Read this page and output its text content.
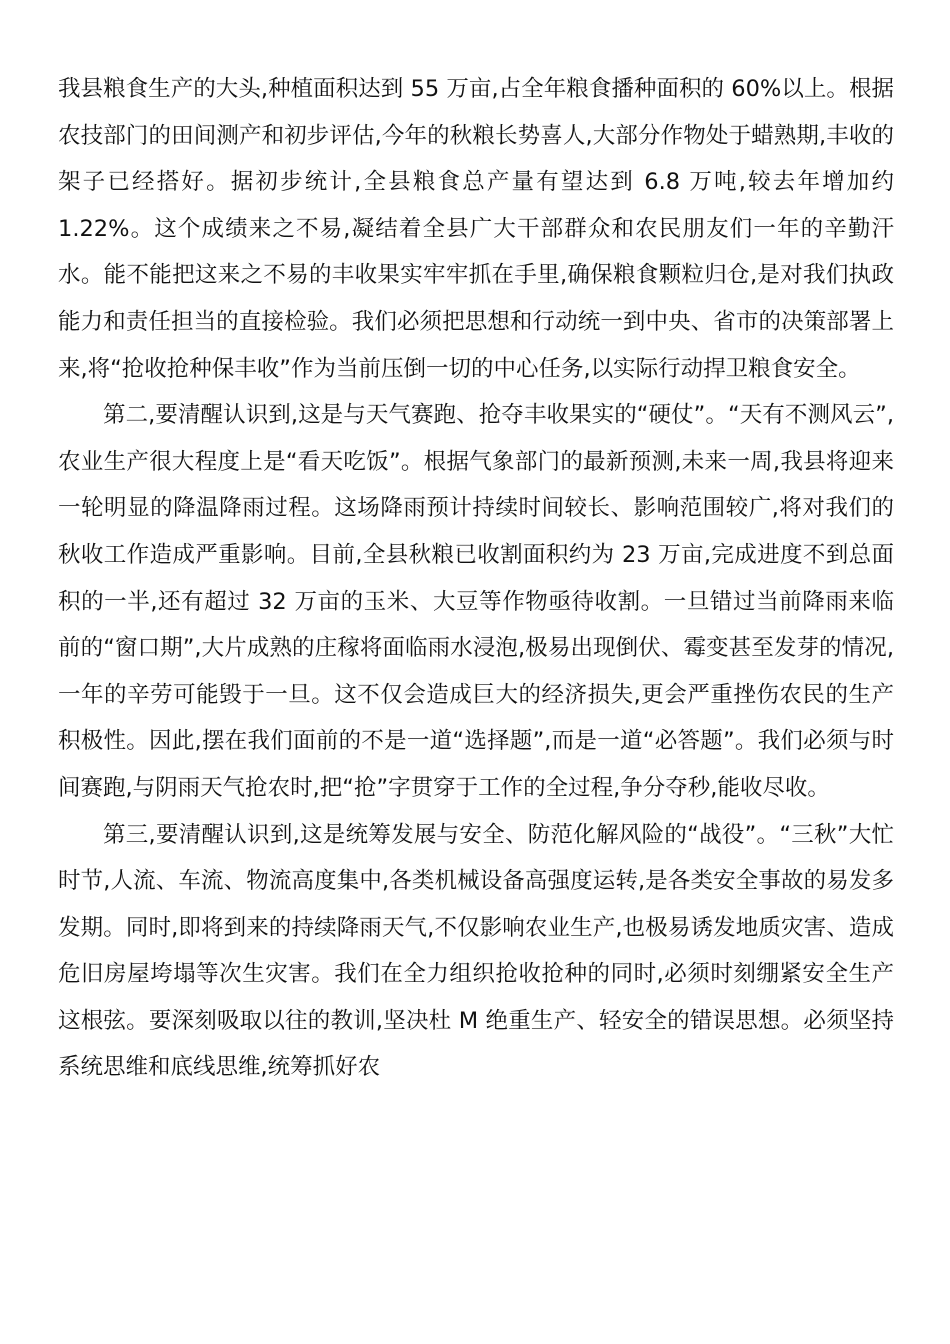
我县粮食生产的大头,种植面积达到 55 万亩,占全年粮食播种面积的 60%以上。根据农技部门的田间测产和初步评估,今年的秋粮长势喜人,大部分作物处于蜡熟期,丰收的架子已经搭好。据初步统计,全县粮食总产量有望达到 6.8 万吨,较去年增加约 1.22%。这个成绩来之不易,凝结着全县广大干部群众和农民朋友们一年的辛勤汗水。能不能把这来之不易的丰收果实牢牢抓在手里,确保粮食颗粒归仓,是对我们执政能力和责任担当的直接检验。我们必须把思想和行动统一到中央、省市的决策部署上来,将“抢收抢种保丰收”作为当前压倒一切的中心任务,以实际行动捍卫粮食安全。

第二,要清醒认识到,这是与天气赛跑、抢夺丰收果实的“硬仗”。“天有不测风云”,农业生产很大程度上是“看天吃饭”。根据气象部门的最新预测,未来一周,我县将迎来一轮明显的降温降雨过程。这场降雨预计持续时间较长、影响范围较广,将对我们的秋收工作造成严重影响。目前,全县秋粮已收割面积约为 23 万亩,完成进度不到总面积的一半,还有超过 32 万亩的玉米、大豆等作物亟待收割。一旦错过当前降雨来临前的“窗口期”,大片成熟的庄稼将面临雨水浸泡,极易出现倒伏、霉变甚至发芽的情况,一年的辛劳可能毁于一旦。这不仅会造成巨大的经济损失,更会严重挫伤农民的生产积极性。因此,摆在我们面前的不是一道“选择题”,而是一道“必答题”。我们必须与时间赛跑,与阴雨天气抢农时,把“抢”字贯穿于工作的全过程,争分夺秒,能收尽收。

第三,要清醒认识到,这是统筹发展与安全、防范化解风险的“战役”。“三秋”大忙时节,人流、车流、物流高度集中,各类机械设备高强度运转,是各类安全事故的易发多发期。同时,即将到来的持续降雨天气,不仅影响农业生产,也极易诱发地质灾害、造成危旧房屋垮塌等次生灾害。我们在全力组织抢收抢种的同时,必须时刻绷紧安全生产这根弦。要深刻吸取以往的教训,坚决杜 M 绝重生产、轻安全的错误思想。必须坚持系统思维和底线思维,统筹抓好农
